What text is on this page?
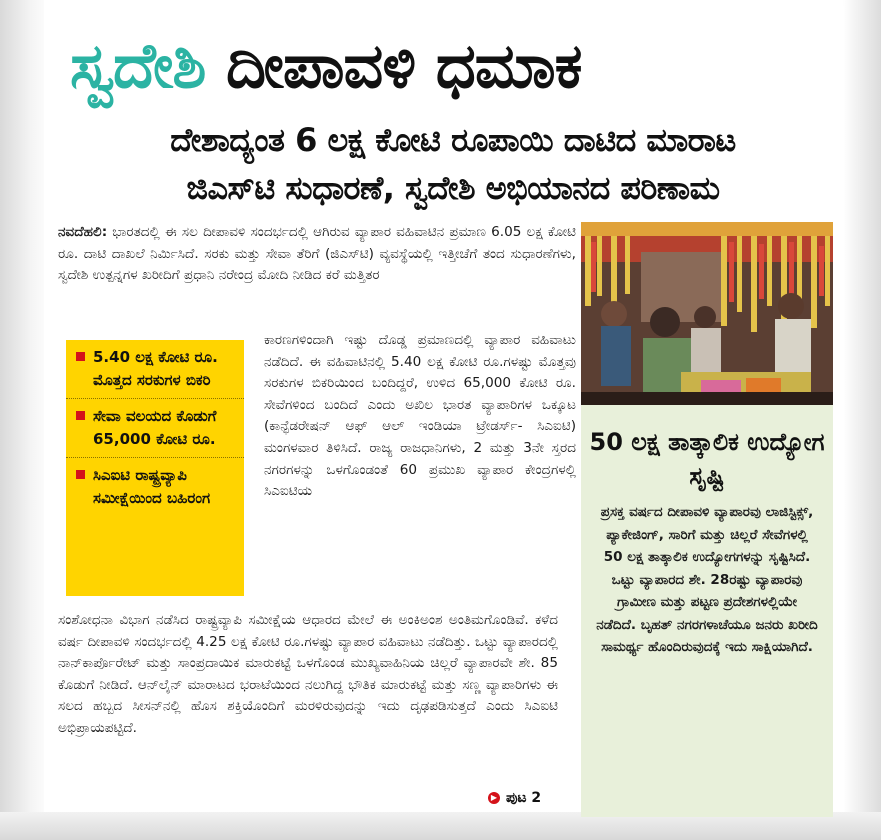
ಸ್ವದೇಶಿ ದೀಪಾವಳಿ ಧಮಾಕ
ದೇಶಾದ್ಯಂತ 6 ಲಕ್ಷ ಕೋಟಿ ರೂಪಾಯಿ ದಾಟಿದ ಮಾರಾಟ
ಜಿಎಸ್‌ಟಿ ಸುಧಾರಣೆ, ಸ್ವದೇಶಿ ಅಭಿಯಾನದ ಪರಿಣಾಮ
ನವದೆಹಲಿ: ಭಾರತದಲ್ಲಿ ಈ ಸಲ ದೀಪಾವಳಿ ಸಂದರ್ಭದಲ್ಲಿ ಆಗಿರುವ ವ್ಯಾಪಾರ ವಹಿವಾಟಿನ ಪ್ರಮಾಣ 6.05 ಲಕ್ಷ ಕೋಟಿ ರೂ. ದಾಟಿ ದಾಖಲೆ ನಿರ್ಮಿಸಿದೆ. ಸರಕು ಮತ್ತು ಸೇವಾ ತೆರಿಗೆ (ಜಿಎಸ್‌ಟಿ) ವ್ಯವಸ್ಥೆಯಲ್ಲಿ ಇತ್ತೀಚೆಗೆ ತಂದ ಸುಧಾರಣೆಗಳು, ಸ್ವದೇಶಿ ಉತ್ಪನ್ನಗಳ ಖರೀದಿಗೆ ಪ್ರಧಾನಿ ನರೇಂದ್ರ ಮೋದಿ ನೀಡಿದ ಕರೆ ಮತ್ತಿತರ
5.40 ಲಕ್ಷ ಕೋಟಿ ರೂ. ಮೊತ್ತದ ಸರಕುಗಳ ಬಿಕರಿ
ಸೇವಾ ವಲಯದ ಕೊಡುಗೆ 65,000 ಕೋಟಿ ರೂ.
ಸಿಎಐಟಿ ರಾಷ್ಟ್ರವ್ಯಾಪಿ ಸಮೀಕ್ಷೆಯಿಂದ ಬಹಿರಂಗ
ಕಾರಣಗಳಿಂದಾಗಿ ಇಷ್ಟು ದೊಡ್ಡ ಪ್ರಮಾಣದಲ್ಲಿ ವ್ಯಾಪಾರ ವಹಿವಾಟು ನಡೆದಿದೆ. ಈ ವಹಿವಾಟಿನಲ್ಲಿ 5.40 ಲಕ್ಷ ಕೋಟಿ ರೂ.ಗಳಷ್ಟು ಮೊತ್ತವು ಸರಕುಗಳ ಬಿಕರಿಯಿಂದ ಬಂದಿದ್ದರೆ, ಉಳಿದ 65,000 ಕೋಟಿ ರೂ. ಸೇವೆಗಳಿಂದ ಬಂದಿದೆ ಎಂದು ಅಖಿಲ ಭಾರತ ವ್ಯಾಪಾರಿಗಳ ಒಕ್ಕೂಟ (ಕಾನ್ಫೆಡರೇಷನ್ ಆಫ್ ಆಲ್ ಇಂಡಿಯಾ ಟ್ರೇಡರ್ಸ್- ಸಿಎಐಟಿ) ಮಂಗಳವಾರ ತಿಳಿಸಿದೆ. ರಾಜ್ಯ ರಾಜಧಾನಿಗಳು, 2 ಮತ್ತು 3ನೇ ಸ್ತರದ ನಗರಗಳನ್ನು ಒಳಗೊಂಡಂತೆ 60 ಪ್ರಮುಖ ವ್ಯಾಪಾರ ಕೇಂದ್ರಗಳಲ್ಲಿ ಸಿಎಐಟಿಯ
ಸಂಶೋಧನಾ ವಿಭಾಗ ನಡೆಸಿದ ರಾಷ್ಟ್ರವ್ಯಾಪಿ ಸಮೀಕ್ಷೆಯ ಆಧಾರದ ಮೇಲೆ ಈ ಅಂಕಿಅಂಶ ಅಂತಿಮಗೊಂಡಿವೆ. ಕಳೆದ ವರ್ಷ ದೀಪಾವಳಿ ಸಂದರ್ಭದಲ್ಲಿ 4.25 ಲಕ್ಷ ಕೋಟಿ ರೂ.ಗಳಷ್ಟು ವ್ಯಾಪಾರ ವಹಿವಾಟು ನಡೆದಿತ್ತು. ಒಟ್ಟು ವ್ಯಾಪಾರದಲ್ಲಿ ನಾನ್‌ಕಾರ್ಪೊರೇಟ್ ಮತ್ತು ಸಾಂಪ್ರದಾಯಿಕ ಮಾರುಕಟ್ಟೆ ಒಳಗೊಂಡ ಮುಖ್ಯವಾಹಿನಿಯ ಚಿಲ್ಲರೆ ವ್ಯಾಪಾರವೇ ಶೇ. 85 ಕೊಡುಗೆ ನೀಡಿದೆ. ಆನ್‌ಲೈನ್ ಮಾರಾಟದ ಭರಾಟೆಯಿಂದ ನಲುಗಿದ್ದ ಭೌತಿಕ ಮಾರುಕಟ್ಟೆ ಮತ್ತು ಸಣ್ಣ ವ್ಯಾಪಾರಿಗಳು ಈ ಸಲದ ಹಬ್ಬದ ಸೀಸನ್‌ನಲ್ಲಿ ಹೊಸ ಶಕ್ತಿಯೊಂದಿಗೆ ಮರಳಿರುವುದನ್ನು ಇದು ದೃಢಪಡಿಸುತ್ತದೆ ಎಂದು ಸಿಎಐಟಿ ಅಭಿಪ್ರಾಯಪಟ್ಟಿದೆ.
▶ ಪುಟ 2
50 ಲಕ್ಷ ತಾತ್ಕಾಲಿಕ ಉದ್ಯೋಗ ಸೃಷ್ಟಿ
ಪ್ರಸಕ್ತ ವರ್ಷದ ದೀಪಾವಳಿ ವ್ಯಾಪಾರವು ಲಾಜಿಸ್ಟಿಕ್ಸ್, ಪ್ಯಾಕೇಜಿಂಗ್, ಸಾರಿಗೆ ಮತ್ತು ಚಿಲ್ಲರೆ ಸೇವೆಗಳಲ್ಲಿ 50 ಲಕ್ಷ ತಾತ್ಕಾಲಿಕ ಉದ್ಯೋಗಗಳನ್ನು ಸೃಷ್ಟಿಸಿದೆ. ಒಟ್ಟು ವ್ಯಾಪಾರದ ಶೇ. 28ರಷ್ಟು ವ್ಯಾಪಾರವು ಗ್ರಾಮೀಣ ಮತ್ತು ಪಟ್ಟಣ ಪ್ರದೇಶಗಳಲ್ಲಿಯೇ ನಡೆದಿದೆ. ಬೃಹತ್ ನಗರಗಳಾಚೆಯೂ ಜನರು ಖರೀದಿ ಸಾಮರ್ಥ್ಯ ಹೊಂದಿರುವುದಕ್ಕೆ ಇದು ಸಾಕ್ಷಿಯಾಗಿದೆ.
